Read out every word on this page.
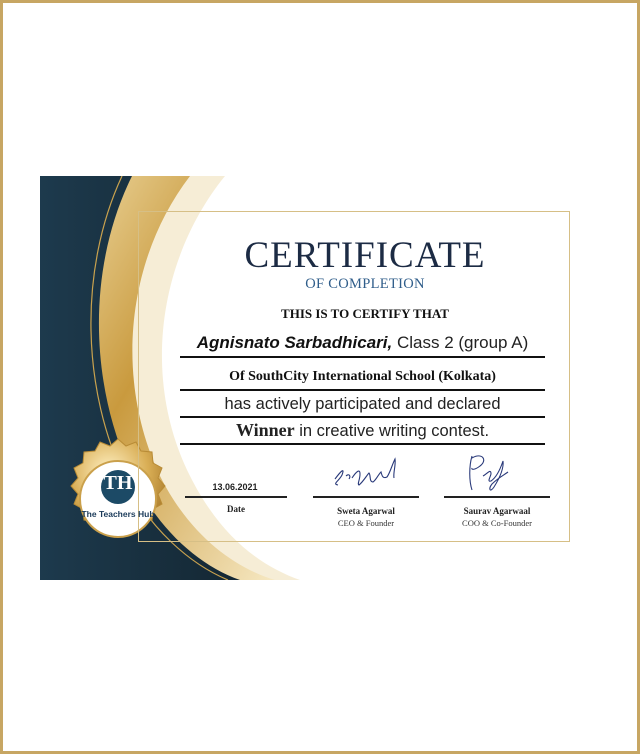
CERTIFICATE
OF COMPLETION
THIS IS TO CERTIFY THAT
Agnisnato Sarbadhicari, Class 2 (group A)
Of SouthCity International School (Kolkata)
has actively participated and declared
Winner in creative writing contest.
13.06.2021
Date	Sweta Agarwal
CEO & Founder
Saurav Agarwaal
COO & Co-Founder
TH
The Teachers Hub
